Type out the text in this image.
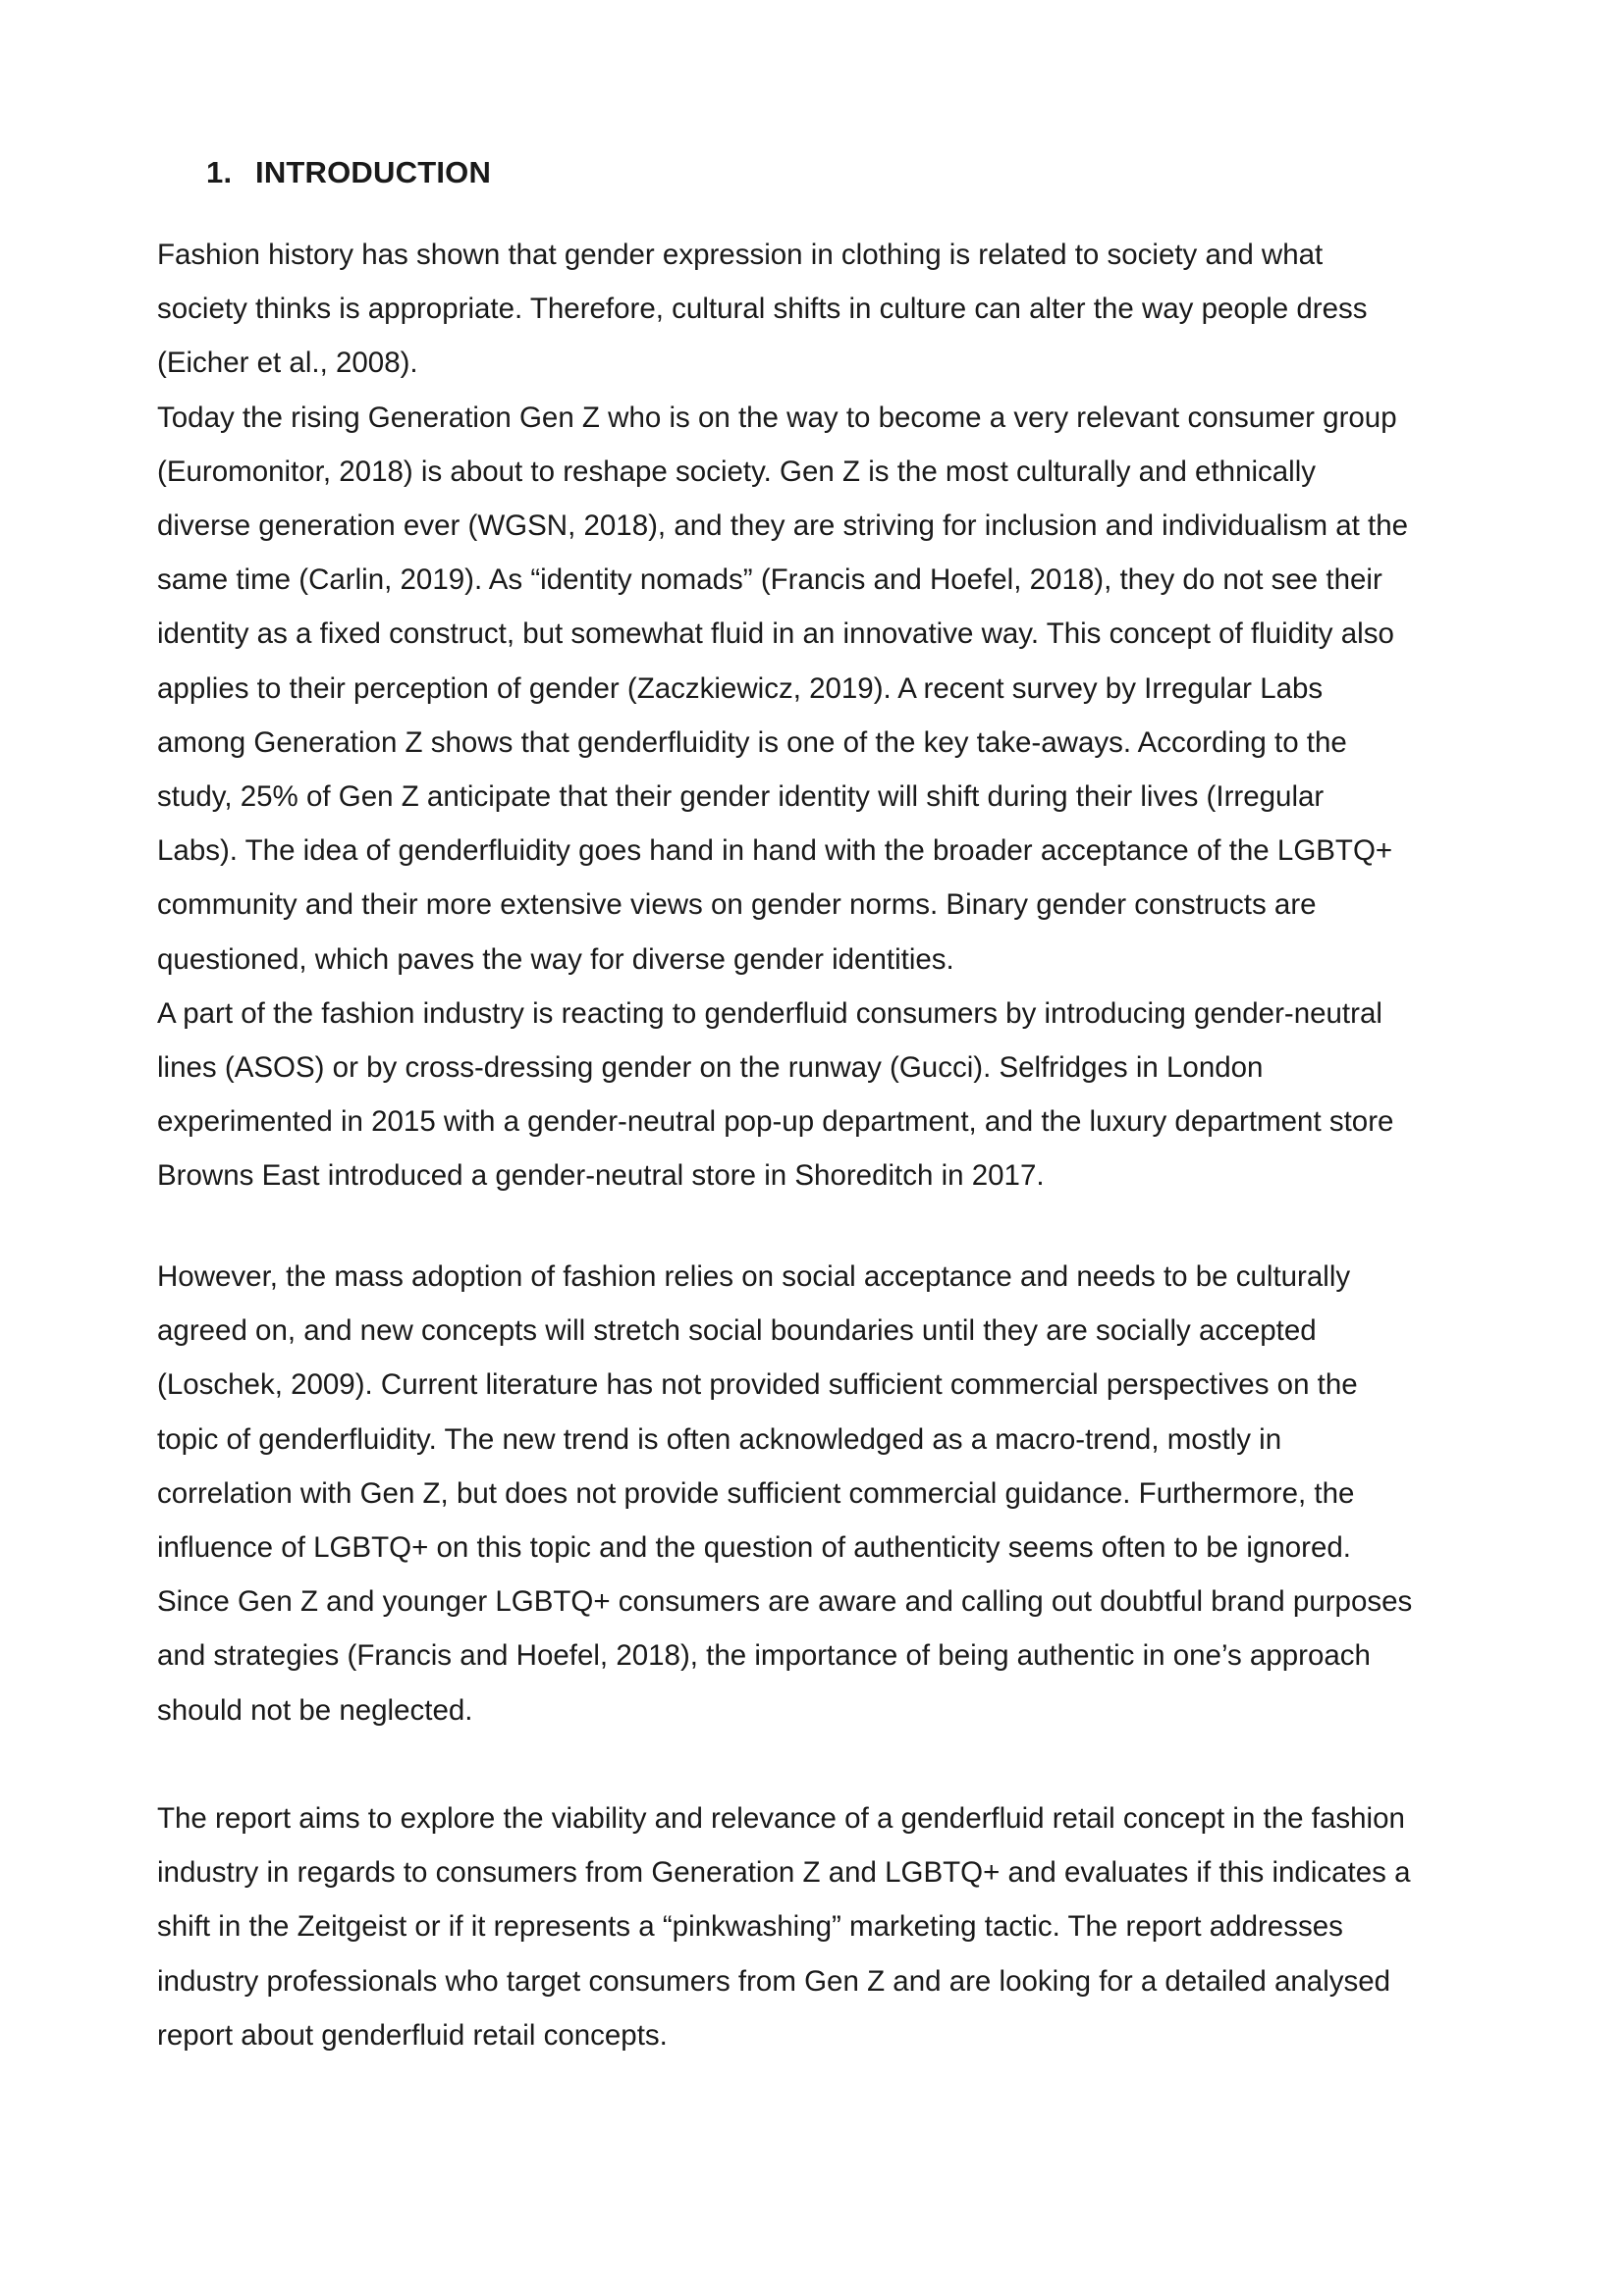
1. INTRODUCTION
Fashion history has shown that gender expression in clothing is related to society and what
society thinks is appropriate. Therefore, cultural shifts in culture can alter the way people dress
(Eicher et al., 2008).
Today the rising Generation Gen Z who is on the way to become a very relevant consumer group
(Euromonitor, 2018) is about to reshape society. Gen Z is the most culturally and ethnically
diverse generation ever (WGSN, 2018), and they are striving for inclusion and individualism at the
same time (Carlin, 2019). As “identity nomads” (Francis and Hoefel, 2018), they do not see their
identity as a fixed construct, but somewhat fluid in an innovative way. This concept of fluidity also
applies to their perception of gender (Zaczkiewicz, 2019). A recent survey by Irregular Labs
among Generation Z shows that genderfluidity is one of the key take-aways. According to the
study, 25% of Gen Z anticipate that their gender identity will shift during their lives (Irregular
Labs). The idea of genderfluidity goes hand in hand with the broader acceptance of the LGBTQ+
community and their more extensive views on gender norms. Binary gender constructs are
questioned, which paves the way for diverse gender identities.
A part of the fashion industry is reacting to genderfluid consumers by introducing gender-neutral
lines (ASOS) or by cross-dressing gender on the runway (Gucci). Selfridges in London
experimented in 2015 with a gender-neutral pop-up department, and the luxury department store
Browns East introduced a gender-neutral store in Shoreditch in 2017.
However, the mass adoption of fashion relies on social acceptance and needs to be culturally
agreed on, and new concepts will stretch social boundaries until they are socially accepted
(Loschek, 2009). Current literature has not provided sufficient commercial perspectives on the
topic of genderfluidity. The new trend is often acknowledged as a macro-trend, mostly in
correlation with Gen Z, but does not provide sufficient commercial guidance. Furthermore, the
influence of LGBTQ+ on this topic and the question of authenticity seems often to be ignored.
Since Gen Z and younger LGBTQ+ consumers are aware and calling out doubtful brand purposes
and strategies (Francis and Hoefel, 2018), the importance of being authentic in one’s approach
should not be neglected.
The report aims to explore the viability and relevance of a genderfluid retail concept in the fashion
industry in regards to consumers from Generation Z and LGBTQ+ and evaluates if this indicates a
shift in the Zeitgeist or if it represents a “pinkwashing” marketing tactic. The report addresses
industry professionals who target consumers from Gen Z and are looking for a detailed analysed
report about genderfluid retail concepts.
